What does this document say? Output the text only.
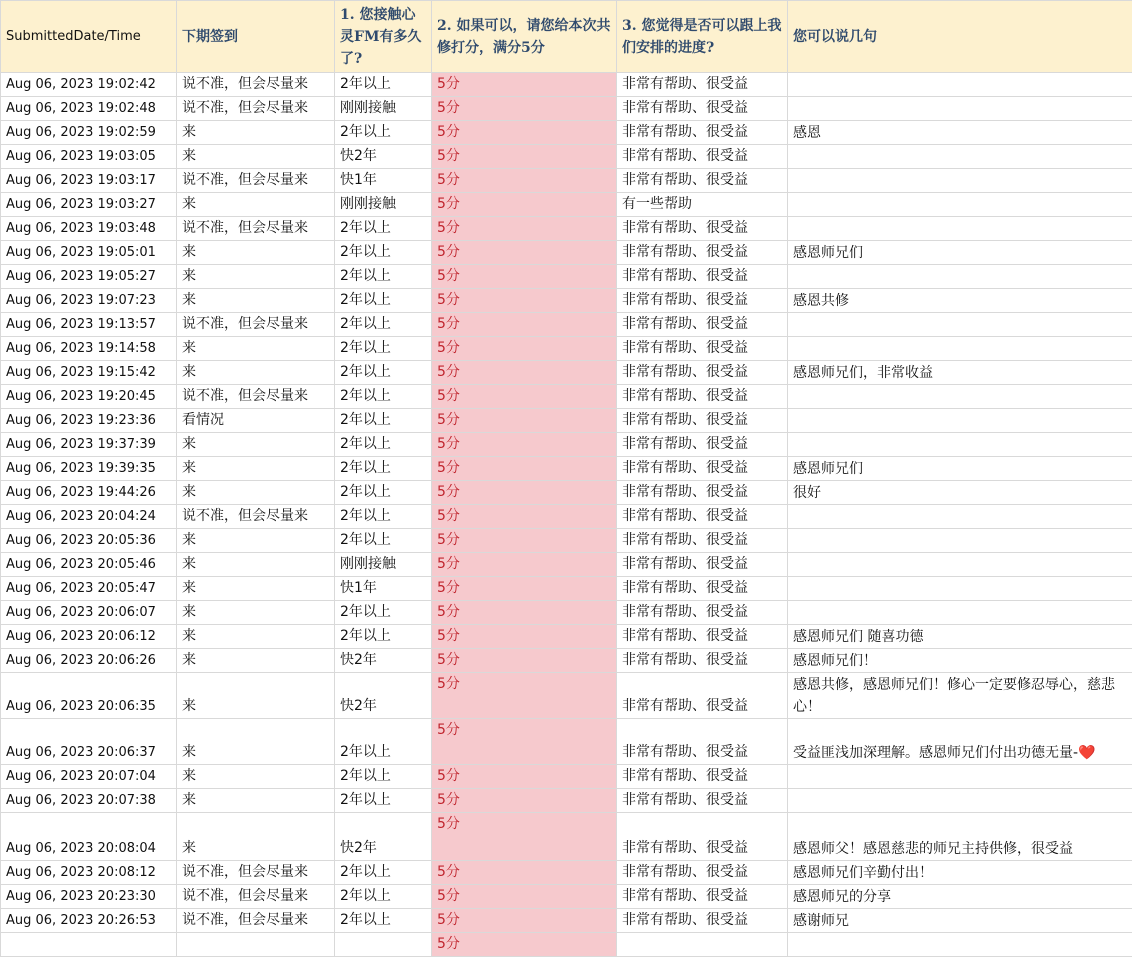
SubmittedDate/Time	下期签到	1. 您接触心灵FM有多久了?	2. 如果可以，请您给本次共修打分，满分5分	3. 您觉得是否可以跟上我们安排的进度?	您可以说几句
Aug 06, 2023 19:02:42	说不准，但会尽量来	2年以上	5分	非常有帮助、很受益	
Aug 06, 2023 19:02:48	说不准，但会尽量来	刚刚接触	5分	非常有帮助、很受益	
Aug 06, 2023 19:02:59	来	2年以上	5分	非常有帮助、很受益	感恩
Aug 06, 2023 19:03:05	来	快2年	5分	非常有帮助、很受益	
Aug 06, 2023 19:03:17	说不准，但会尽量来	快1年	5分	非常有帮助、很受益	
Aug 06, 2023 19:03:27	来	刚刚接触	5分	有一些帮助	
Aug 06, 2023 19:03:48	说不准，但会尽量来	2年以上	5分	非常有帮助、很受益	
Aug 06, 2023 19:05:01	来	2年以上	5分	非常有帮助、很受益	感恩师兄们
Aug 06, 2023 19:05:27	来	2年以上	5分	非常有帮助、很受益	
Aug 06, 2023 19:07:23	来	2年以上	5分	非常有帮助、很受益	感恩共修
Aug 06, 2023 19:13:57	说不准，但会尽量来	2年以上	5分	非常有帮助、很受益	
Aug 06, 2023 19:14:58	来	2年以上	5分	非常有帮助、很受益	
Aug 06, 2023 19:15:42	来	2年以上	5分	非常有帮助、很受益	感恩师兄们，非常收益
Aug 06, 2023 19:20:45	说不准，但会尽量来	2年以上	5分	非常有帮助、很受益	
Aug 06, 2023 19:23:36	看情况	2年以上	5分	非常有帮助、很受益	
Aug 06, 2023 19:37:39	来	2年以上	5分	非常有帮助、很受益	
Aug 06, 2023 19:39:35	来	2年以上	5分	非常有帮助、很受益	感恩师兄们
Aug 06, 2023 19:44:26	来	2年以上	5分	非常有帮助、很受益	很好
Aug 06, 2023 20:04:24	说不准，但会尽量来	2年以上	5分	非常有帮助、很受益	
Aug 06, 2023 20:05:36	来	2年以上	5分	非常有帮助、很受益	
Aug 06, 2023 20:05:46	来	刚刚接触	5分	非常有帮助、很受益	
Aug 06, 2023 20:05:47	来	快1年	5分	非常有帮助、很受益	
Aug 06, 2023 20:06:07	来	2年以上	5分	非常有帮助、很受益	
Aug 06, 2023 20:06:12	来	2年以上	5分	非常有帮助、很受益	感恩师兄们 随喜功德
Aug 06, 2023 20:06:26	来	快2年	5分	非常有帮助、很受益	感恩师兄们！
Aug 06, 2023 20:06:35	来	快2年	5分	非常有帮助、很受益	感恩共修，感恩师兄们！修心一定要修忍辱心，慈悲心！
Aug 06, 2023 20:06:37	来	2年以上	5分	非常有帮助、很受益	受益匪浅加深理解。感恩师兄们付出功德无量-❤️
Aug 06, 2023 20:07:04	来	2年以上	5分	非常有帮助、很受益	
Aug 06, 2023 20:07:38	来	2年以上	5分	非常有帮助、很受益	
Aug 06, 2023 20:08:04	来	快2年	5分	非常有帮助、很受益	感恩师父！感恩慈悲的师兄主持供修，很受益
Aug 06, 2023 20:08:12	说不准，但会尽量来	2年以上	5分	非常有帮助、很受益	感恩师兄们辛勤付出！
Aug 06, 2023 20:23:30	说不准，但会尽量来	2年以上	5分	非常有帮助、很受益	感恩师兄的分享
Aug 06, 2023 20:26:53	说不准，但会尽量来	2年以上	5分	非常有帮助、很受益	感谢师兄
			5分		
